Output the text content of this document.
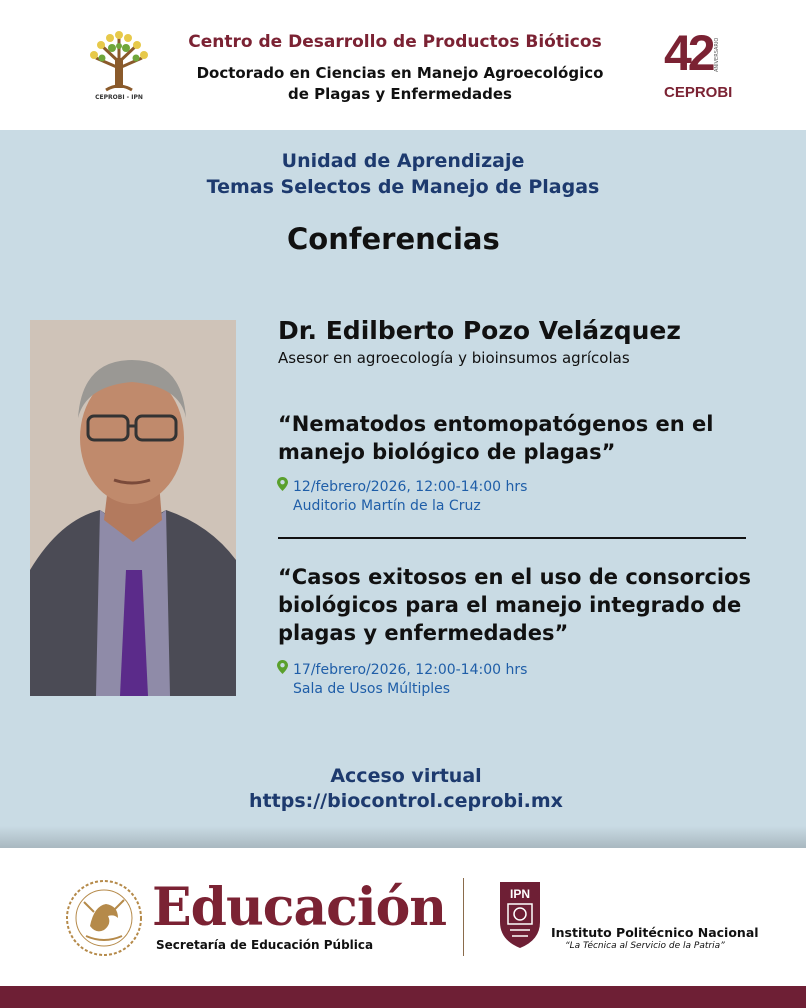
CEPROBI - IPN
Centro de Desarrollo de Productos Bióticos
Doctorado en Ciencias en Manejo Agroecológico
de Plagas y Enfermedades
42 ANIVERSARIO
CEPROBI
Unidad de Aprendizaje
Temas Selectos de Manejo de Plagas
Conferencias
Dr. Edilberto Pozo Velázquez
Asesor en agroecología y bioinsumos agrícolas
“Nematodos entomopatógenos en el manejo biológico de plagas”
12/febrero/2026, 12:00-14:00 hrs
Auditorio Martín de la Cruz
“Casos exitosos en el uso de consorcios biológicos para el manejo integrado de plagas y enfermedades”
17/febrero/2026, 12:00-14:00 hrs
Sala de Usos Múltiples
Acceso virtual
https://biocontrol.ceprobi.mx
Educación
Secretaría de Educación Pública
IPN
Instituto Politécnico Nacional
“La Técnica al Servicio de la Patria”
